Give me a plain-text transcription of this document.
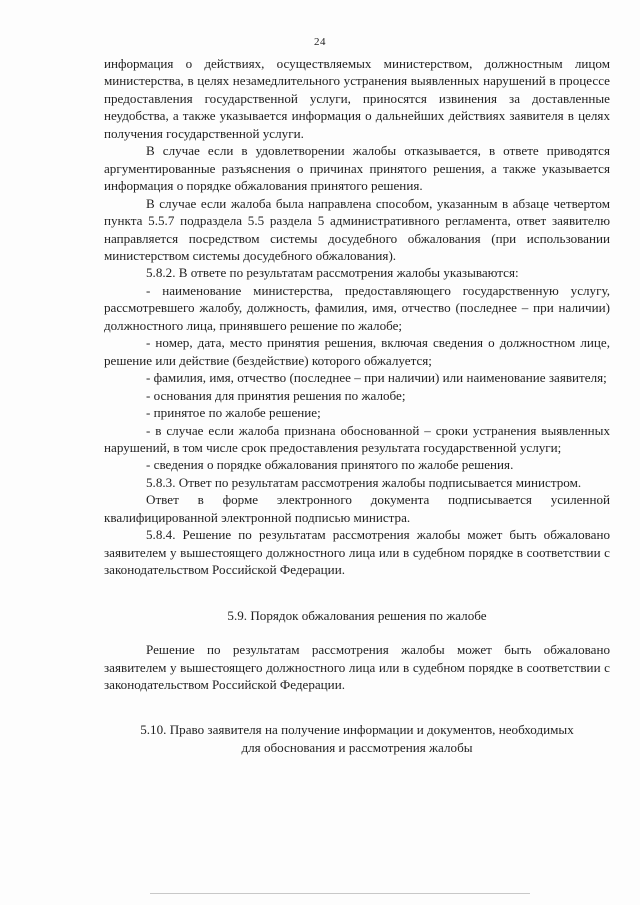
24

информация о действиях, осуществляемых министерством, должностным лицом министерства, в целях незамедлительного устранения выявленных нарушений в процессе предоставления государственной услуги, приносятся извинения за доставленные неудобства, а также указывается информация о дальнейших действиях заявителя в целях получения государственной услуги.

В случае если в удовлетворении жалобы отказывается, в ответе приводятся аргументированные разъяснения о причинах принятого решения, а также указывается информация о порядке обжалования принятого решения.

В случае если жалоба была направлена способом, указанным в абзаце четвертом пункта 5.5.7 подраздела 5.5 раздела 5 административного регламента, ответ заявителю направляется посредством системы досудебного обжалования (при использовании министерством системы досудебного обжалования).

5.8.2. В ответе по результатам рассмотрения жалобы указываются:

- наименование министерства, предоставляющего государственную услугу, рассмотревшего жалобу, должность, фамилия, имя, отчество (последнее – при наличии) должностного лица, принявшего решение по жалобе;

- номер, дата, место принятия решения, включая сведения о должностном лице, решение или действие (бездействие) которого обжалуется;

- фамилия, имя, отчество (последнее – при наличии) или наименование заявителя;

- основания для принятия решения по жалобе;

- принятое по жалобе решение;

- в случае если жалоба признана обоснованной – сроки устранения выявленных нарушений, в том числе срок предоставления результата государственной услуги;

- сведения о порядке обжалования принятого по жалобе решения.

5.8.3. Ответ по результатам рассмотрения жалобы подписывается министром.

Ответ в форме электронного документа подписывается усиленной квалифицированной электронной подписью министра.

5.8.4. Решение по результатам рассмотрения жалобы может быть обжаловано заявителем у вышестоящего должностного лица или в судебном порядке в соответствии с законодательством Российской Федерации.

5.9. Порядок обжалования решения по жалобе

Решение по результатам рассмотрения жалобы может быть обжаловано заявителем у вышестоящего должностного лица или в судебном порядке в соответствии с законодательством Российской Федерации.

5.10. Право заявителя на получение информации и документов, необходимых

для обоснования и рассмотрения жалобы
